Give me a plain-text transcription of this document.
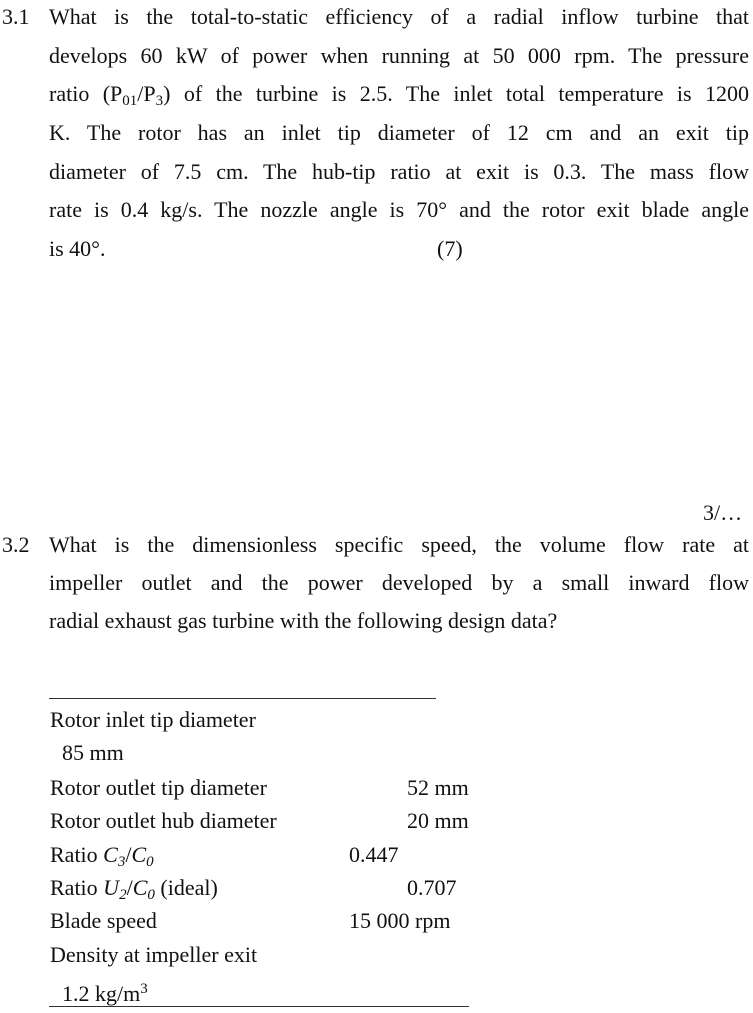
3.1 What is the total-to-static efficiency of a radial inflow turbine that
develops 60 kW of power when running at 50 000 rpm. The pressure
ratio $(P_{01}/P_3)$ of the turbine is 2.5. The inlet total temperature is 1200
K. The rotor has an inlet tip diameter of 12 cm and an exit tip
diameter of 7.5 cm. The hub-tip ratio at exit is 0.3. The mass flow
rate is 0.4 kg/s. The nozzle angle is 70° and the rotor exit blade angle
is 40°.	(7)
3/…
3.2 What is the dimensionless specific speed, the volume flow rate at
impeller outlet and the power developed by a small inward flow
radial exhaust gas turbine with the following design data?
Rotor inlet tip diameter
85 mm
Rotor outlet tip diameter	52 mm
Rotor outlet hub diameter	20 mm
Ratio $C_3/C_0$	0.447
Ratio $U_2/C_0$ (ideal)	0.707
Blade speed	15 000 rpm
Density at impeller exit
1.2 $kg/m^3$
